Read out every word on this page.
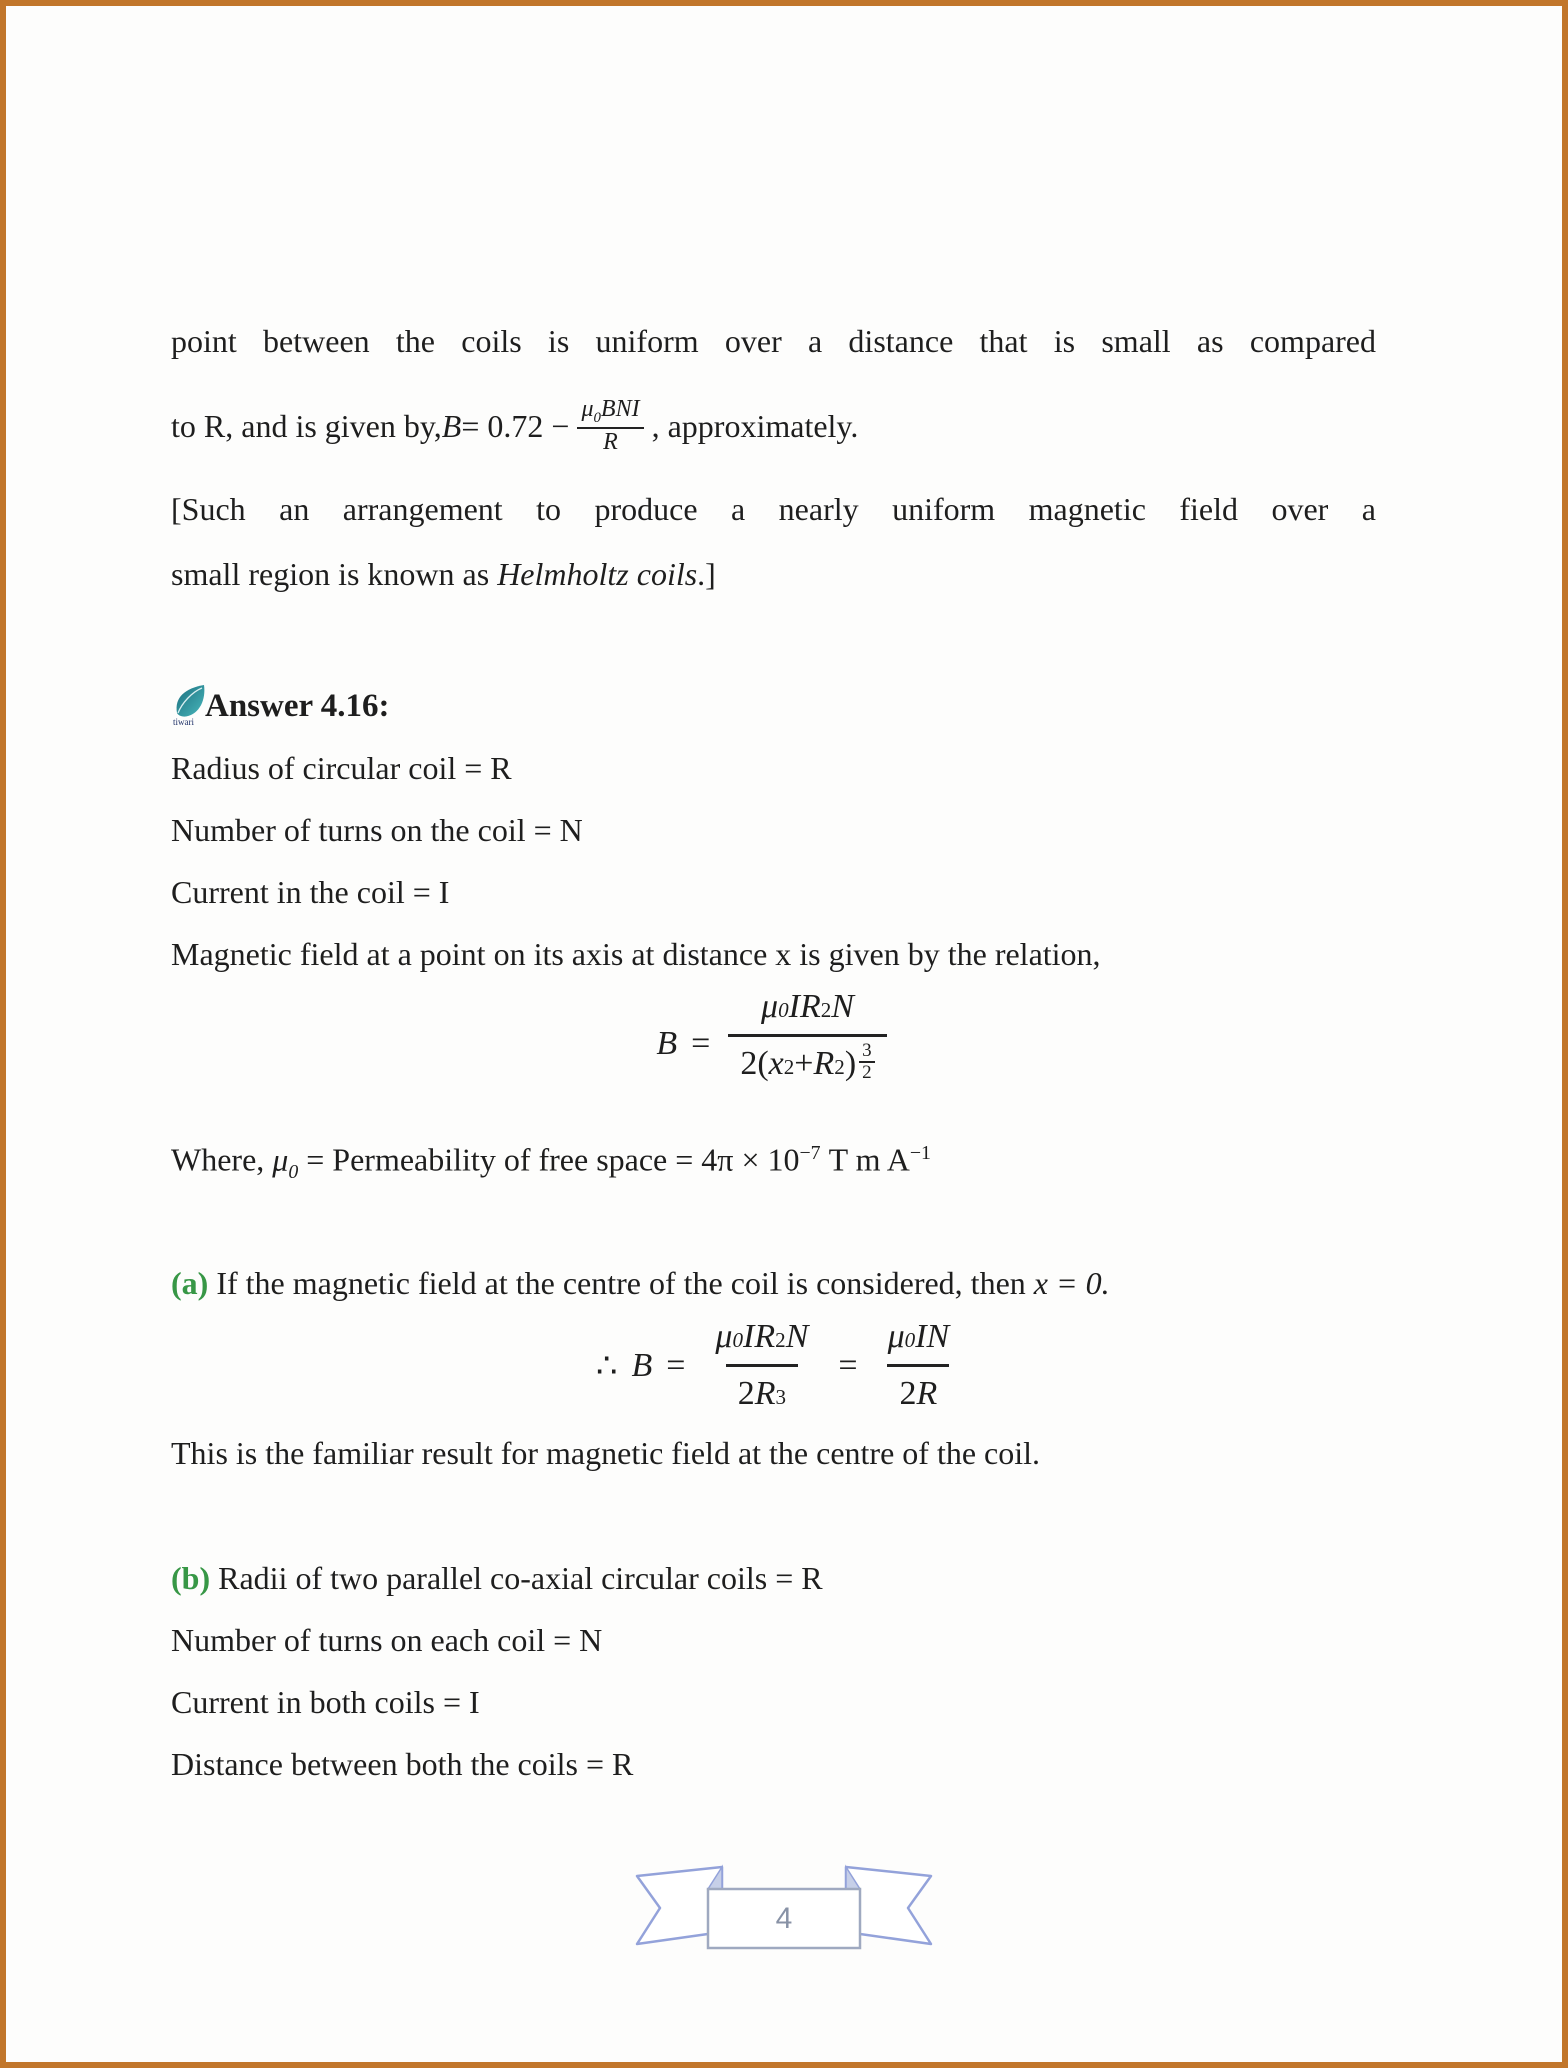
point between the coils is uniform over a distance that is small as compared
to R, and is given by, $B = 0.72 - \frac{\mu_0BNI}{R}$ , approximately.
[Such an arrangement to produce a nearly uniform magnetic field over a
small region is known as Helmholtz coils.]
tiwari Answer 4.16:
Radius of circular coil = R
Number of turns on the coil = N
Current in the coil = I
Magnetic field at a point on its axis at distance x is given by the relation,
$B = \frac{\mu 0 IR 2 N}{2( x 2 + R 2 ) \frac{3}{2}}$
Where, $\mu_0$ = Permeability of free space = $4\pi \times 10^{-7}$ T m $A^{-1}$
(a) If the magnetic field at the centre of the coil is considered, then x = 0.
∴ $B = \frac{\mu 0 IR 2 N}{2 R 3} = \frac{\mu 0 IN}{2 R}$
This is the familiar result for magnetic field at the centre of the coil.
(b) Radii of two parallel co-axial circular coils = R
Number of turns on each coil = N
Current in both coils = I
Distance between both the coils = R
4
